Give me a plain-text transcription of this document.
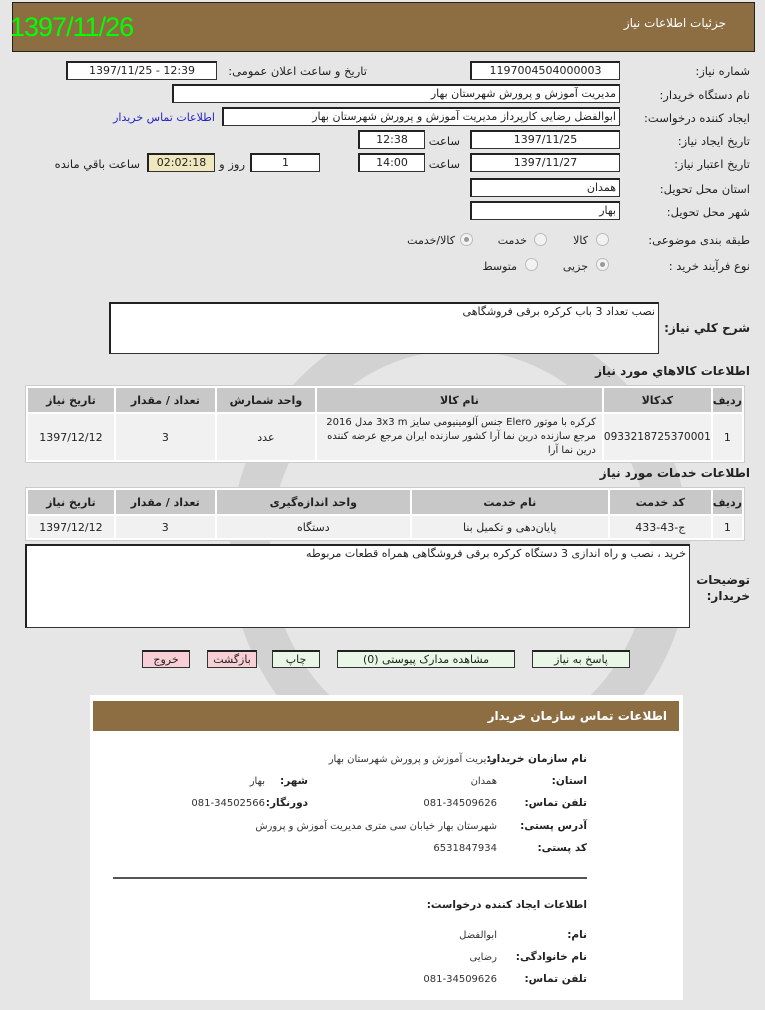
جزئیات اطلاعات نیاز
1397/11/26
شماره نیاز:
1197004504000003
تاریخ و ساعت اعلان عمومی:
1397/11/25 - 12:39
نام دستگاه خریدار:
مدیریت آموزش و پرورش شهرستان بهار
ایجاد کننده درخواست:
ابوالفضل رضایی کارپرداز مدیریت آموزش و پرورش شهرستان بهار
اطلاعات تماس خریدار
تاریخ ایجاد نیاز:
1397/11/25
ساعت
12:38
تاریخ اعتبار نیاز:
1397/11/27
ساعت
14:00
1
روز و
02:02:18
ساعت باقي مانده
استان محل تحویل:
همدان
شهر محل تحویل:
بهار
طبقه بندی موضوعی:
کالا
خدمت
کالا/خدمت
نوع فرآیند خرید :
جزیی
متوسط
شرح کلي نیاز:
نصب تعداد 3 باب کرکره برقی فروشگاهی
اطلاعات کالاهاي مورد نیاز
ردیف	کدکالا	نام کالا	واحد شمارش	تعداد / مقدار	تاریخ نیاز
1	0933218725370001	کرکره با موتور Elero جنس آلومینیومی سایز 3x3 m مدل 2016 مرجع سازنده درین نما آرا کشور سازنده ایران مرجع عرضه کننده درین نما آرا	عدد	3	1397/12/12
اطلاعات خدمات مورد نیاز
ردیف	کد خدمت	نام خدمت	واحد اندازه‌گیری	تعداد / مقدار	تاریخ نیاز
1	ج-43-433	پایان‌دهی و تکمیل بنا	دستگاه	3	1397/12/12
توضیحات خریدار:
خرید ، نصب و راه اندازی 3 دستگاه کرکره برقی فروشگاهی همراه قطعات مربوطه
پاسخ به نیاز
مشاهده مدارک پیوستی (0)
چاپ
بازگشت
خروج
اطلاعات تماس سازمان خریدار
نام سازمان خریدار:
مدیریت آموزش و پرورش شهرستان بهار
استان:
همدان
شهر:
بهار
تلفن تماس:
081-34509626
دورنگار:
081-34502566
آدرس پستی:
شهرستان بهار خیابان سی متری مدیریت آموزش و پرورش
کد پستی:
6531847934
اطلاعات ایجاد کننده درخواست:
نام:
ابوالفضل
نام خانوادگی:
رضایی
تلفن تماس:
081-34509626
